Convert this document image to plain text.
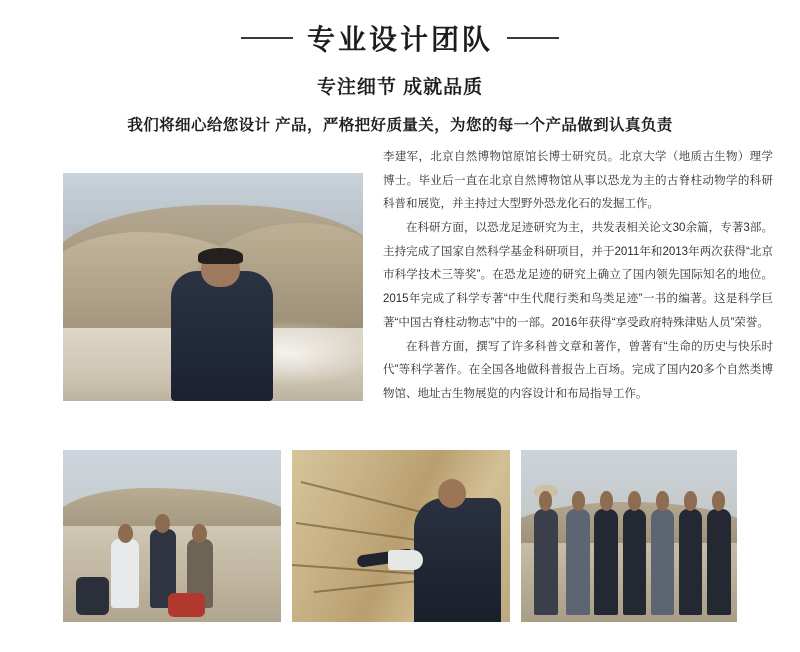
专业设计团队
专注细节 成就品质
我们将细心给您设计 产品，严格把好质量关，为您的每一个产品做到认真负责

李建军，北京自然博物馆原馆长博士研究员。北京大学（地质古生物）理学博士。毕业后一直在北京自然博物馆从事以恐龙为主的古脊柱动物学的科研科普和展览，并主持过大型野外恐龙化石的发掘工作。

在科研方面，以恐龙足迹研究为主，共发表相关论文30余篇，专著3部。主持完成了国家自然科学基金科研项目，并于2011年和2013年两次获得“北京市科学技术三等奖”。在恐龙足迹的研究上确立了国内领先国际知名的地位。2015年完成了科学专著“中生代爬行类和鸟类足迹”一书的编著。这是科学巨著“中国古脊柱动物志”中的一部。2016年获得“享受政府特殊津贴人员”荣誉。

在科普方面，撰写了许多科普文章和著作，曾著有“生命的历史与快乐时代”等科学著作。在全国各地做科普报告上百场。完成了国内20多个自然类博物馆、地址古生物展览的内容设计和布局指导工作。
